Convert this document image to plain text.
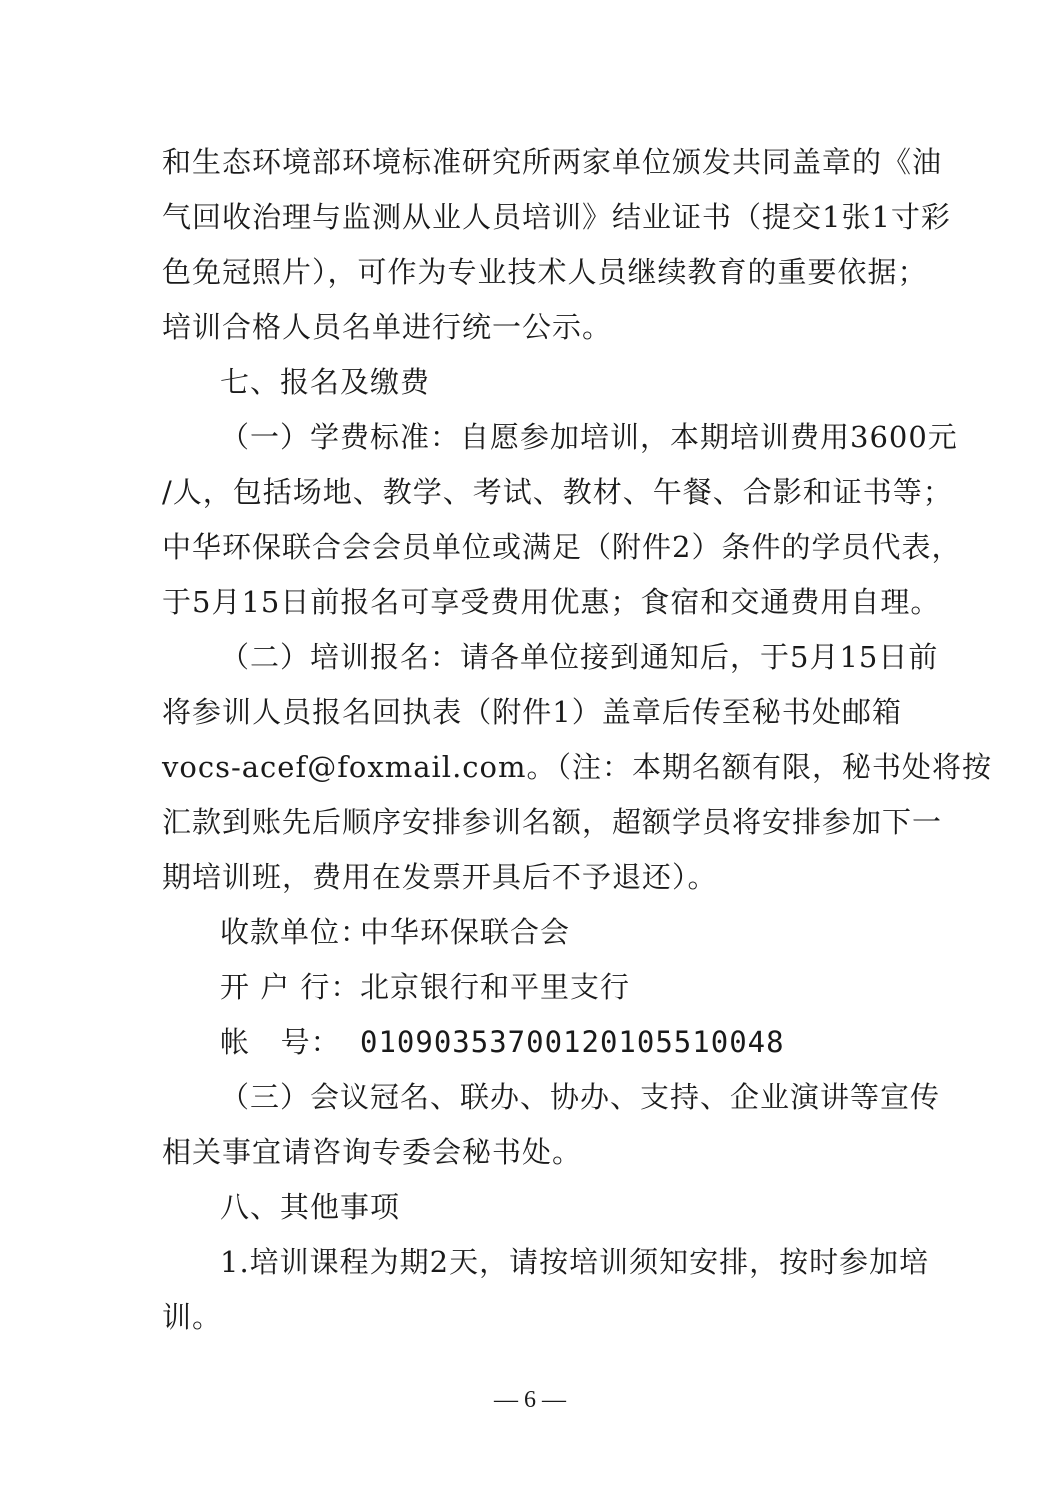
和生态环境部环境标准研究所两家单位颁发共同盖章的《油
气回收治理与监测从业人员培训》结业证书（提交1张1寸彩
色免冠照片），可作为专业技术人员继续教育的重要依据；
培训合格人员名单进行统一公示。
七、报名及缴费
（一）学费标准：自愿参加培训，本期培训费用3600元
/人，包括场地、教学、考试、教材、午餐、合影和证书等；
中华环保联合会会员单位或满足（附件2）条件的学员代表，
于5月15日前报名可享受费用优惠；食宿和交通费用自理。
（二）培训报名：请各单位接到通知后，于5月15日前
将参训人员报名回执表（附件1）盖章后传至秘书处邮箱
vocs-acef@foxmail.com。（注：本期名额有限，秘书处将按
汇款到账先后顺序安排参训名额，超额学员将安排参加下一
期培训班，费用在发票开具后不予退还）。
收款单位：
中华环保联合会
开 户 行： 北京银行和平里支行
帐   号： 01090353700120105510048
（三）会议冠名、联办、协办、支持、企业演讲等宣传
相关事宜请咨询专委会秘书处。
八、其他事项
1.培训课程为期2天，请按培训须知安排，按时参加培
训。
— 6 —
